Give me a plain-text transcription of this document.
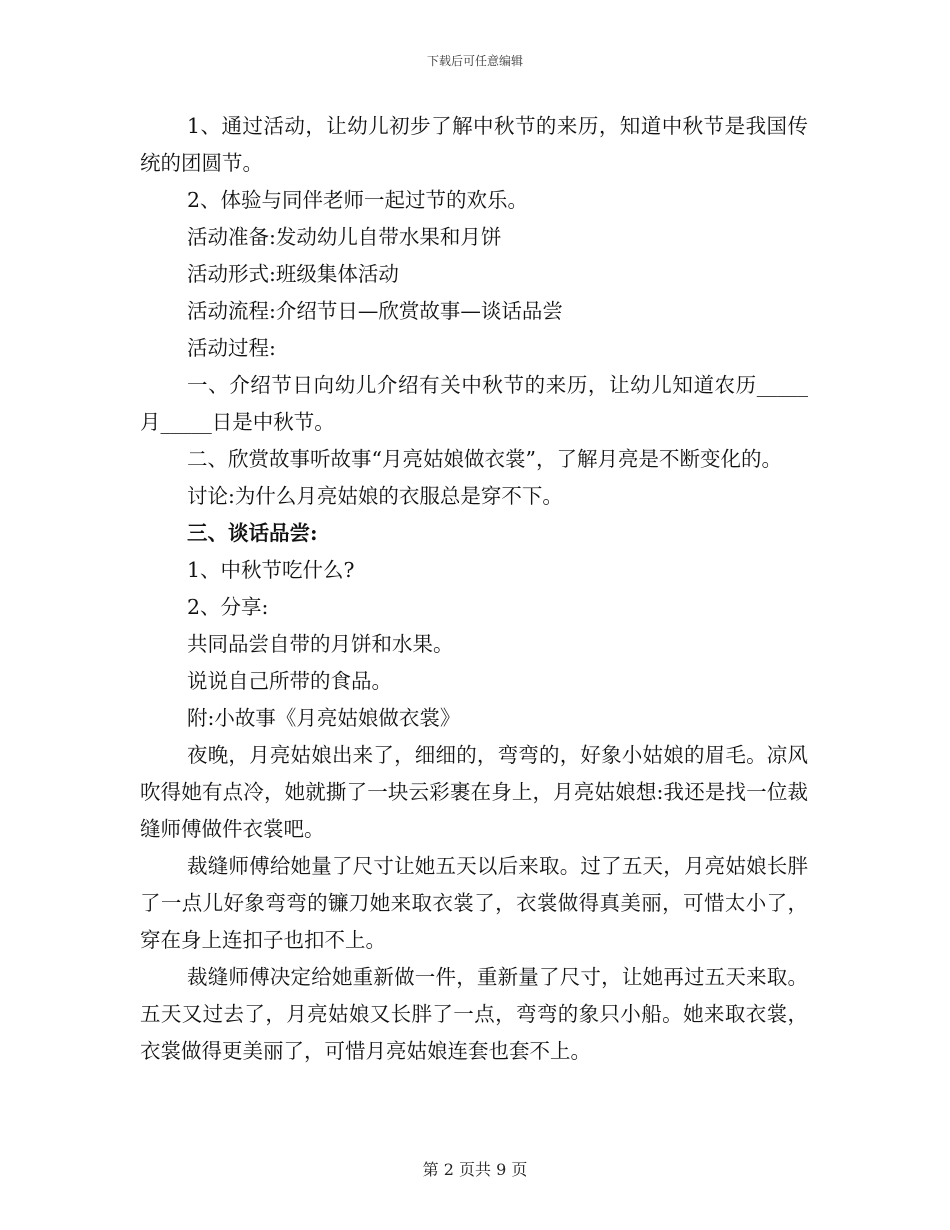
下载后可任意编辑

1、通过活动，让幼儿初步了解中秋节的来历，知道中秋节是我国传统的团圆节。

2、体验与同伴老师一起过节的欢乐。

活动准备:发动幼儿自带水果和月饼

活动形式:班级集体活动

活动流程:介绍节日—欣赏故事—谈话品尝

活动过程:

一、介绍节日向幼儿介绍有关中秋节的来历，让幼儿知道农历_____月_____日是中秋节。

二、欣赏故事听故事“月亮姑娘做衣裳”，了解月亮是不断变化的。

讨论:为什么月亮姑娘的衣服总是穿不下。

三、谈话品尝:

1、中秋节吃什么?

2、分享:

共同品尝自带的月饼和水果。

说说自己所带的食品。

附:小故事《月亮姑娘做衣裳》

夜晚，月亮姑娘出来了，细细的，弯弯的，好象小姑娘的眉毛。凉风吹得她有点冷，她就撕了一块云彩裹在身上，月亮姑娘想:我还是找一位裁缝师傅做件衣裳吧。

裁缝师傅给她量了尺寸让她五天以后来取。过了五天，月亮姑娘长胖了一点儿好象弯弯的镰刀她来取衣裳了，衣裳做得真美丽，可惜太小了，穿在身上连扣子也扣不上。

裁缝师傅决定给她重新做一件，重新量了尺寸，让她再过五天来取。五天又过去了，月亮姑娘又长胖了一点，弯弯的象只小船。她来取衣裳，衣裳做得更美丽了，可惜月亮姑娘连套也套不上。

第 2 页共 9 页
